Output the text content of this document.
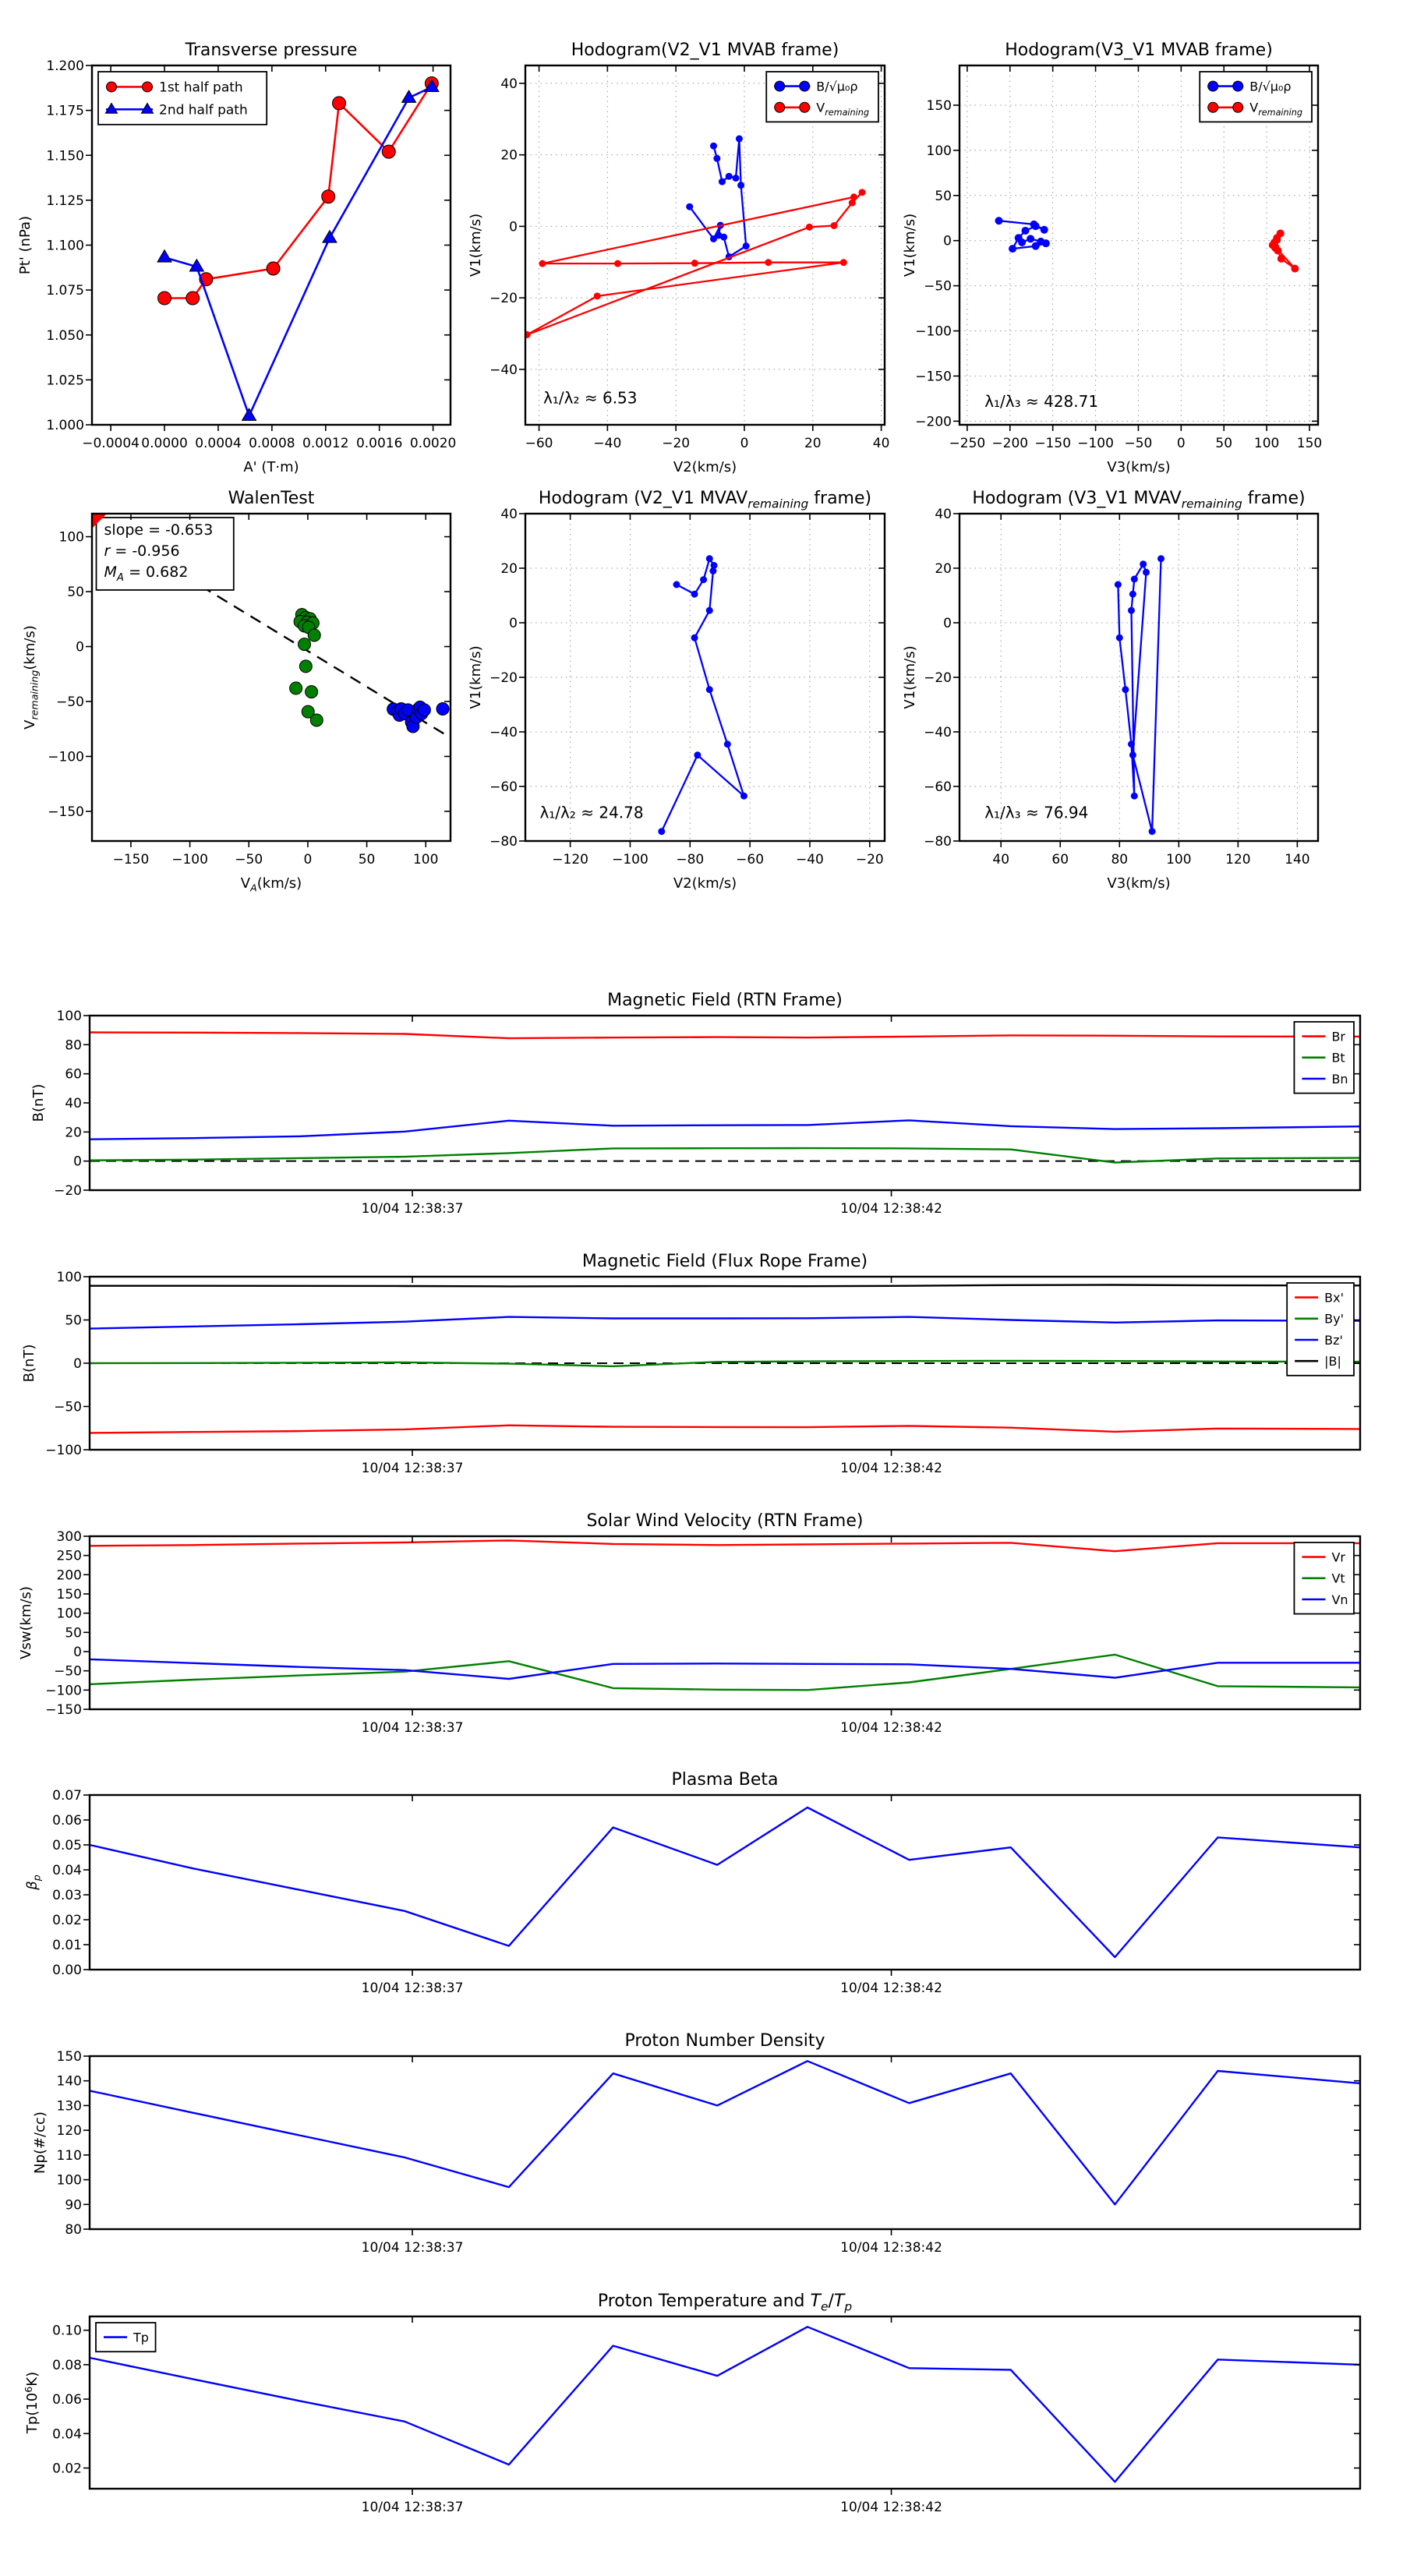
−0.0004 0.0000 0.0004 0.0008 0.0012 0.0016 0.0020
1.000
1.025
1.050
1.075
1.100
1.125
1.150
1.175
1.200
Transverse pressure
A' (T·m)
Pt' (nPa)
1st half path
2nd half path
λ₁/λ₂ ≈ 6.53
−60	−40	−20	0	20	40
−40
−20
0
20
40
Hodogram(V2_V1 MVAB frame)
V2(km/s)
V1(km/s)
B/√μ₀ρ
$V_{remaining}$
λ₁/λ₃ ≈ 428.71
−250 −200 −150 −100 −50 0 50 100 150
−200
−150
−100
−50
0
50
100
150
Hodogram(V3_V1 MVAB frame)
V3(km/s)
V1(km/s)
B/√μ₀ρ
$V_{remaining}$
slope = -0.653
r = -0.956
$M_A = 0.682$
−150 −100 −50	0	50	100
−150
−100
−50
0
50
100
WalenTest
$V_A(km/s)$
$V_{remaining}(km/s)$
λ₁/λ₂ ≈ 24.78
−120 −100 −80 −60 −40 −20
−80
−60
−40
−20
0
20
40
Hodogram (V2_V1 $MVAV_{remaining}$ frame)
V2(km/s)
V1(km/s)
λ₁/λ₃ ≈ 76.94
40	60	80	100	120	140
−80
−60
−40
−20
0
20
40
Hodogram (V3_V1 $MVAV_{remaining}$ frame)
V3(km/s)
V1(km/s)
10/04 12:38:37	10/04 12:38:42
−20
0
20
40
60
80
100
Magnetic Field (RTN Frame)
B(nT)
Br
Bt
Bn
10/04 12:38:37	10/04 12:38:42
−100
−50
0
50
100
Magnetic Field (Flux Rope Frame)
B(nT)
Bx'
By'
Bz'
|B|
10/04 12:38:37	10/04 12:38:42
−150
−100
−50
0
50
100
150
200
250
300
Solar Wind Velocity (RTN Frame)
Vsw(km/s)
Vr
Vt
Vn
10/04 12:38:37	10/04 12:38:42
0.00
0.01
0.02
0.03
0.04
0.05
0.06
0.07
Plasma Beta
$\beta_p$
10/04 12:38:37	10/04 12:38:42
80
90
100
110
120
130
140
150
Proton Number Density
Np(#/cc)
10/04 12:38:37	10/04 12:38:42
0.02
0.04
0.06
0.08
0.10
Proton Temperature and $T_e/T_p$
$Tp(10^6K)$
Tp
